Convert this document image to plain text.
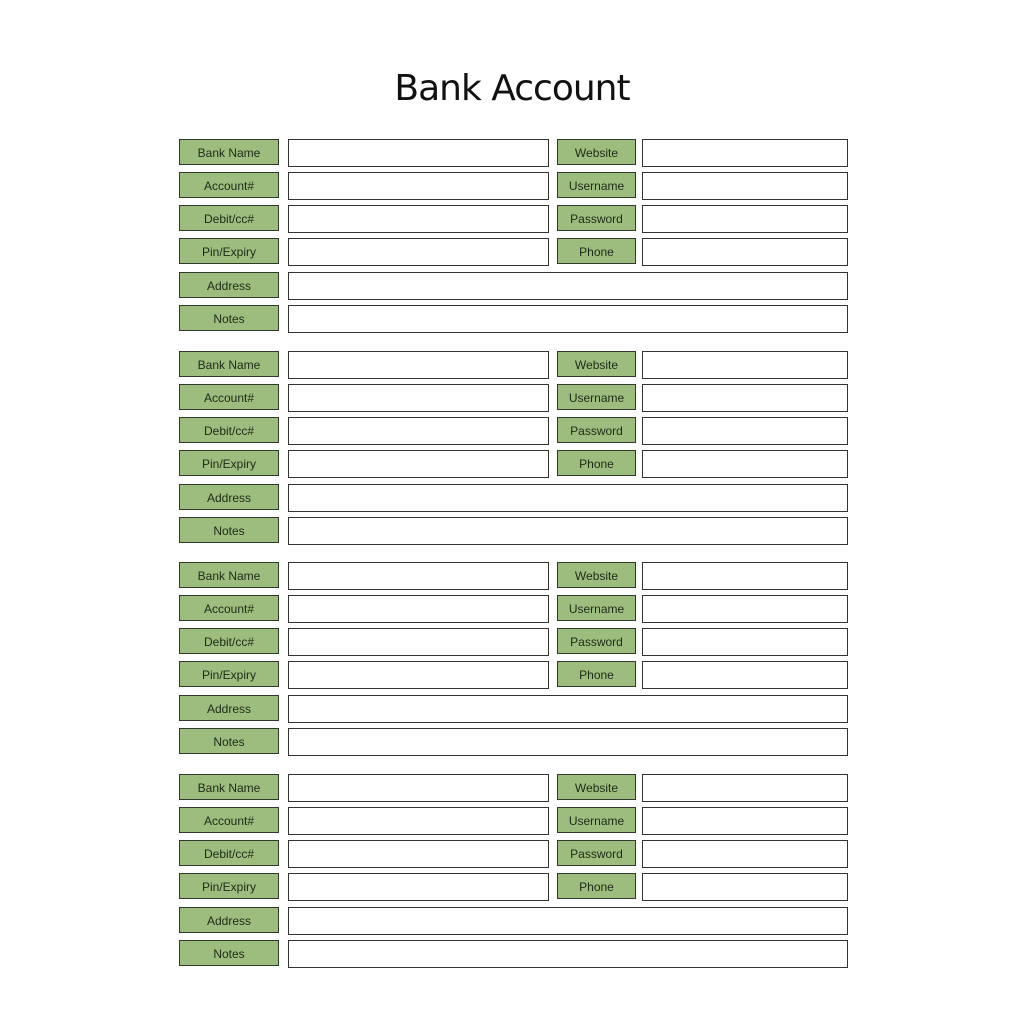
Bank Account
Bank Name	Website
Account#	Username
Debit/cc#	Password
Pin/Expiry	Phone
Address
Notes
Bank Name	Website
Account#	Username
Debit/cc#	Password
Pin/Expiry	Phone
Address
Notes
Bank Name	Website
Account#	Username
Debit/cc#	Password
Pin/Expiry	Phone
Address
Notes
Bank Name	Website
Account#	Username
Debit/cc#	Password
Pin/Expiry	Phone
Address
Notes
